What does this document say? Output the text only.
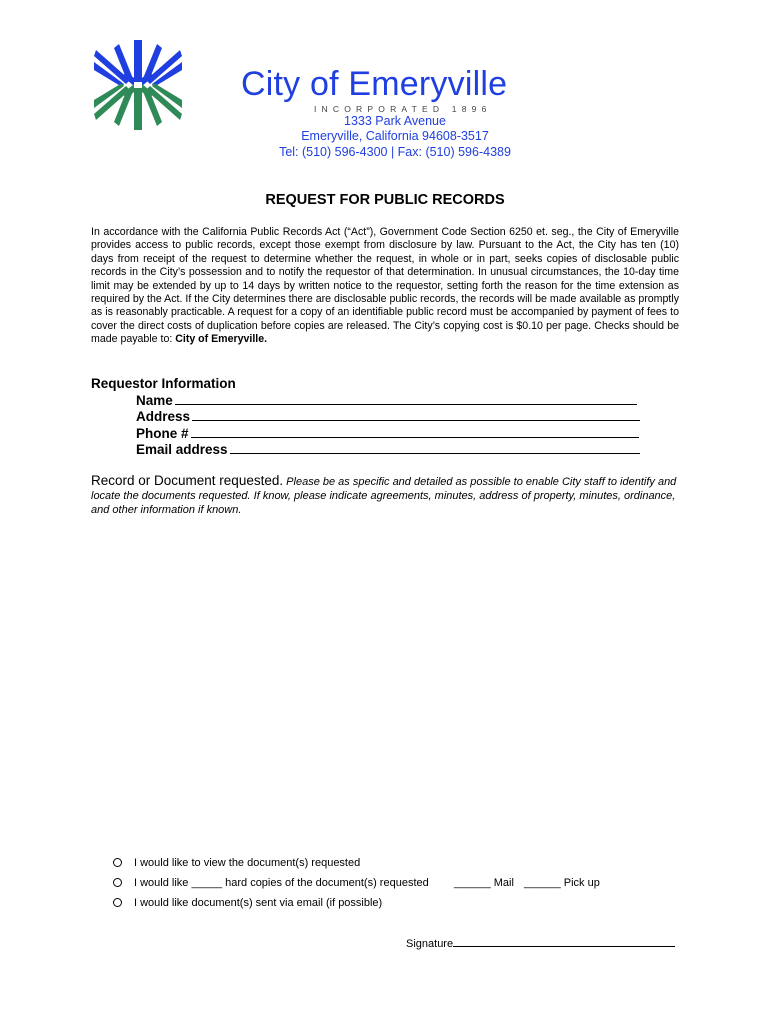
City of Emeryville
INCORPORATED 1896
1333 Park Avenue
Emeryville, California 94608-3517
Tel: (510) 596-4300 | Fax: (510) 596-4389
REQUEST FOR PUBLIC RECORDS
In accordance with the California Public Records Act (“Act”), Government Code Section 6250 et. seg., the City of Emeryville provides access to public records, except those exempt from disclosure by law. Pursuant to the Act, the City has ten (10) days from receipt of the request to determine whether the request, in whole or in part, seeks copies of disclosable public records in the City’s possession and to notify the requestor of that determination. In unusual circumstances, the 10-day time limit may be extended by up to 14 days by written notice to the requestor, setting forth the reason for the time extension as required by the Act. If the City determines there are disclosable public records, the records will be made available as promptly as is reasonably practicable. A request for a copy of an identifiable public record must be accompanied by payment of fees to cover the direct costs of duplication before copies are released. The City’s copying cost is $0.10 per page. Checks should be made payable to: City of Emeryville.
Requestor Information
Name
Address
Phone #
Email address
Record or Document requested. Please be as specific and detailed as possible to enable City staff to identify and locate the documents requested. If know, please indicate agreements, minutes, address of property, minutes, ordinance, and other information if known.
I would like to view the document(s) requested
I would like _____ hard copies of the document(s) requested ______ Mail ______ Pick up
I would like document(s) sent via email (if possible)
Signature
